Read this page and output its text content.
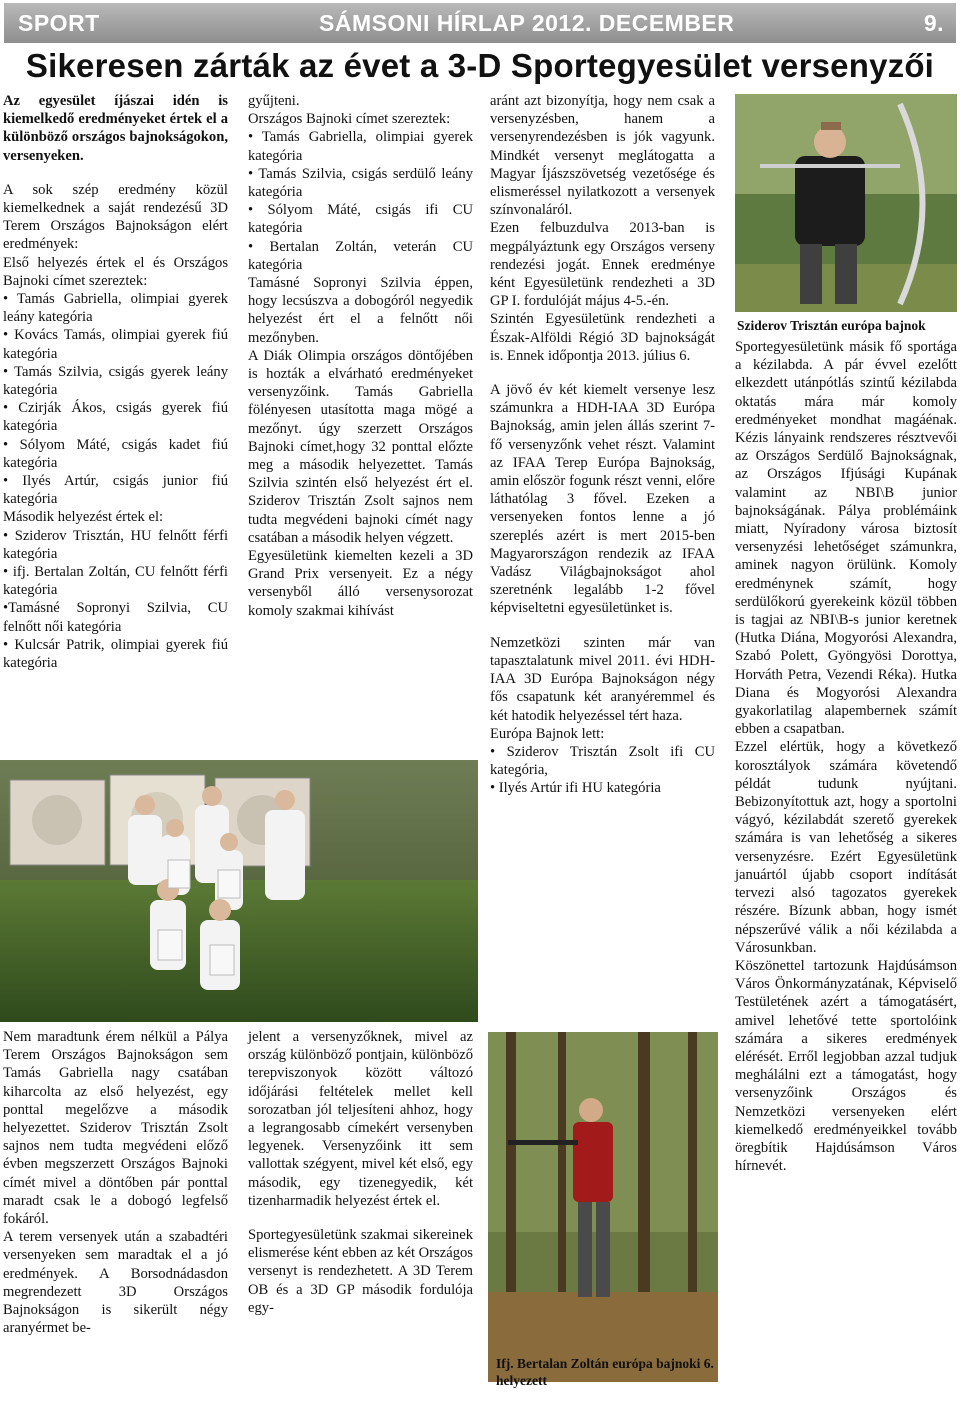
SPORT	SÁMSONI HÍRLAP 2012. DECEMBER	9.
Sikeresen zárták az évet a 3-D Sportegyesület versenyzői

Az egyesület íjászai idén is kiemelkedő eredményeket értek el a különböző országos bajnokságokon, versenyeken.

A sok szép eredmény közül kiemelkednek a saját rendezésű 3D Terem Országos Bajnokságon elért eredmények:

Első helyezés értek el és Országos Bajnoki címet szereztek:

• Tamás Gabriella, olimpiai gyerek leány kategória

• Kovács Tamás, olimpiai gyerek fiú kategória

• Tamás Szilvia, csigás gyerek leány kategória

• Czirják Ákos, csigás gyerek fiú kategória

• Sólyom Máté, csigás kadet fiú kategória

• Ilyés Artúr, csigás junior fiú kategória

Második helyezést értek el:

• Sziderov Trisztán, HU felnőtt férfi kategória

• ifj. Bertalan Zoltán, CU felnőtt férfi kategória

•Tamásné Sopronyi Szilvia, CU felnőtt női kategória

• Kulcsár Patrik, olimpiai gyerek fiú kategória

Nem maradtunk érem nélkül a Pálya Terem Országos Bajnokságon sem Tamás Gabriella nagy csatában kiharcolta az első helyezést, egy ponttal megelőzve a második helyezettet. Sziderov Trisztán Zsolt sajnos nem tudta megvédeni előző évben megszerzett Országos Bajnoki címét mivel a döntőben pár ponttal maradt csak le a dobogó legfelső fokáról.

A terem versenyek után a szabadtéri versenyeken sem maradtak el a jó eredmények. A Borsodnádasdon megrendezett 3D Országos Bajnokságon is sikerült négy aranyérmet be-

gyűjteni.

Országos Bajnoki címet szereztek:

• Tamás Gabriella, olimpiai gyerek kategória

• Tamás Szilvia, csigás serdülő leány kategória

• Sólyom Máté, csigás ifi CU kategória

• Bertalan Zoltán, veterán CU kategória

Tamásné Sopronyi Szilvia éppen, hogy lecsúszva a dobogóról negyedik helyezést ért el a felnőtt női mezőnyben.

A Diák Olimpia országos döntőjében is hozták a elvárható eredményeket versenyzőink. Tamás Gabriella fölényesen utasította maga mögé a mezőnyt. úgy szerzett Országos Bajnoki címet,hogy 32 ponttal előzte meg a második helyezettet. Tamás Szilvia szintén első helyezést ért el. Sziderov Trisztán Zsolt sajnos nem tudta megvédeni bajnoki címét nagy csatában a második helyen végzett.

Egyesületünk kiemelten kezeli a 3D Grand Prix versenyeit. Ez a négy versenyből álló versenysorozat komoly szakmai kihívást

jelent a versenyzőknek, mivel az ország különböző pontjain, különböző terepviszonyok között változó időjárási feltételek mellet kell sorozatban jól teljesíteni ahhoz, hogy a legrangosabb címekért versenyben legyenek. Versenyzőink itt sem vallottak szégyent, mivel két első, egy második, egy tizenegyedik, két tizenharmadik helyezést értek el.

Sportegyesületünk szakmai sikereinek elismerése ként ebben az két Országos versenyt is rendezhetett. A 3D Terem OB és a 3D GP második fordulója egy-

aránt azt bizonyítja, hogy nem csak a versenyzésben, hanem a versenyrendezésben is jók vagyunk. Mindkét versenyt meglátogatta a Magyar Íjászszövetség vezetősége és elismeréssel nyilatkozott a versenyek színvonaláról.

Ezen felbuzdulva 2013-ban is megpályáztunk egy Országos verseny rendezési jogát. Ennek eredménye ként Egyesületünk rendezheti a 3D GP I. fordulóját május 4-5.-én.

Szintén Egyesületünk rendezheti a Észak-Alföldi Régió 3D bajnokságát is. Ennek időpontja 2013. július 6.

A jövő év két kiemelt versenye lesz számunkra a HDH-IAA 3D Európa Bajnokság, amin jelen állás szerint 7-fő versenyzőnk vehet részt. Valamint az IFAA Terep Európa Bajnokság, amin először fogunk részt venni, előre láthatólag 3 fővel. Ezeken a versenyeken fontos lenne a jó szereplés azért is mert 2015-ben Magyarországon rendezik az IFAA Vadász Világbajnokságot ahol szeretnénk legalább 1-2 fővel képviseltetni egyesületünket is.

Nemzetközi szinten már van tapasztalatunk mivel 2011. évi HDH-IAA 3D Európa Bajnokságon négy fős csapatunk két aranyéremmel és két hatodik helyezéssel tért haza.

Európa Bajnok lett:

• Sziderov Trisztán Zsolt ifi CU kategória,

• Ilyés Artúr ifi HU kategória

Ifj. Bertalan Zoltán európa bajnoki 6. helyezett
Sziderov Trisztán európa bajnok

Sportegyesületünk másik fő sportága a kézilabda. A pár évvel ezelőtt elkezdett utánpótlás szintű kézilabda oktatás mára már komoly eredményeket mondhat magáénak. Kézis lányaink rendszeres résztvevői az Országos Serdülő Bajnokságnak, az Országos Ifjúsági Kupának valamint az NBI\B junior bajnokságának. Pálya problémáink miatt, Nyíradony városa biztosít versenyzési lehetőséget számunkra, aminek nagyon örülünk. Komoly eredménynek számít, hogy serdülőkorú gyerekeink közül többen is tagjai az NBI\B-s junior keretnek (Hutka Diána, Mogyorósi Alexandra, Szabó Polett, Gyöngyösi Dorottya, Horváth Petra, Vezendi Réka). Hutka Diana és Mogyorósi Alexandra gyakorlatilag alapembernek számít ebben a csapatban.

Ezzel elértük, hogy a következő korosztályok számára követendő példát tudunk nyújtani. Bebizonyítottuk azt, hogy a sportolni vágyó, kézilabdát szerető gyerekek számára is van lehetőség a sikeres versenyzésre. Ezért Egyesületünk januártól újabb csoport indítását tervezi alsó tagozatos gyerekek részére. Bízunk abban, hogy ismét népszerűvé válik a női kézilabda a Városunkban.

Köszönettel tartozunk Hajdúsámson Város Önkormányzatának, Képviselő Testületének azért a támogatásért, amivel lehetővé tette sportolóink számára a sikeres eredmények elérését. Erről legjobban azzal tudjuk meghálálni ezt a támogatást, hogy versenyzőink Országos és Nemzetközi versenyeken elért kiemelkedő eredményeikkel tovább öregbítik Hajdúsámson Város hírnevét.
